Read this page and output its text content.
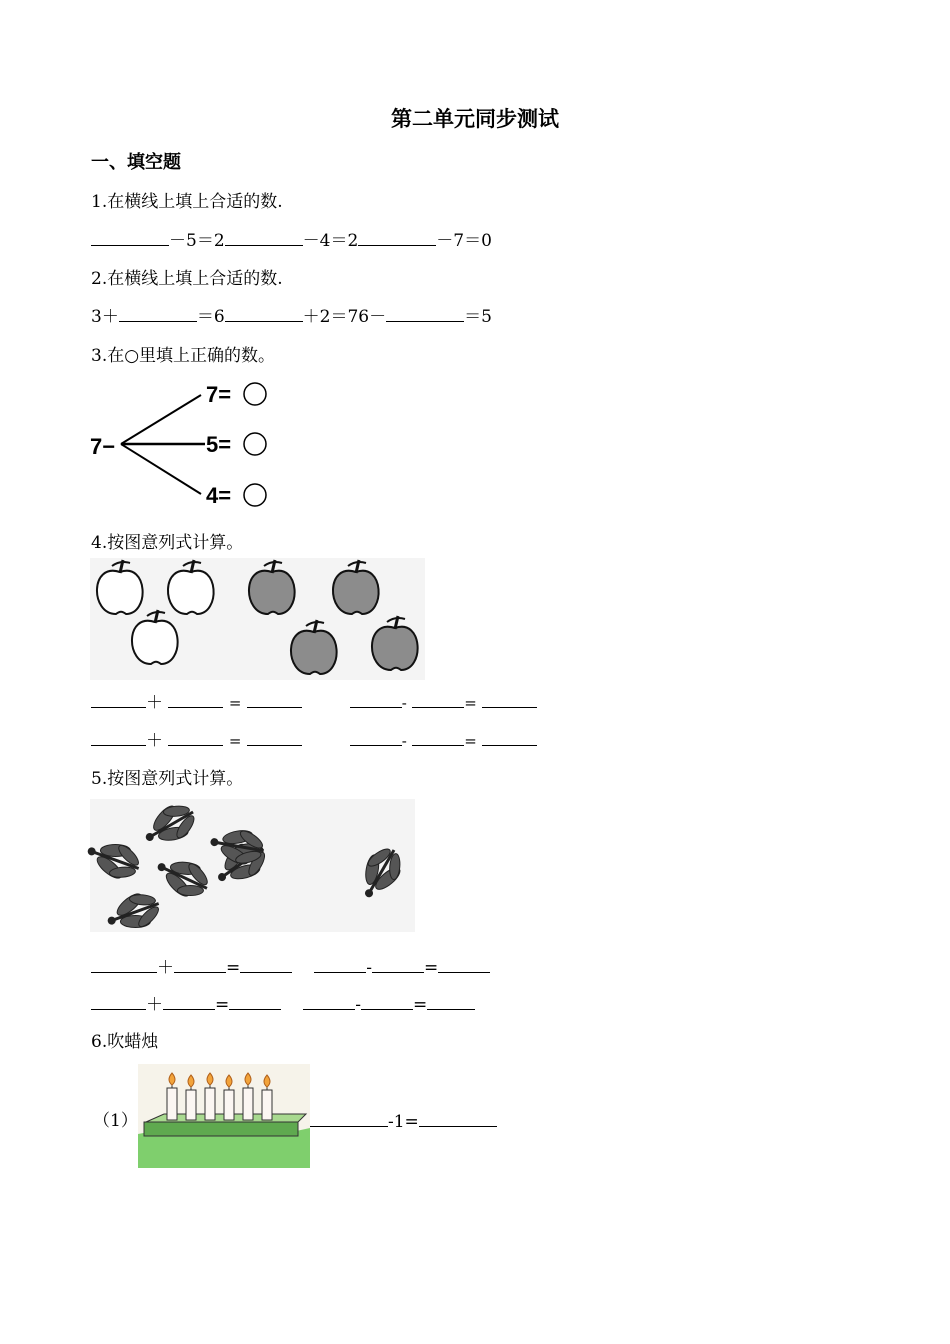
第二单元同步测试
一、填空题
1.在横线上填上合适的数.
－5＝2	－4＝2	－7＝0
2.在横线上填上合适的数.
3＋	＝6	＋2＝76－	＝5
3.在○里填上正确的数。
7−
7=
5=
4=
4.按图意列式计算。
＋	=	-	=
＋	=	-	=
5.按图意列式计算。
＋	=	-	=
＋	=	-	=
6.吹蜡烛
（1）	-1=
